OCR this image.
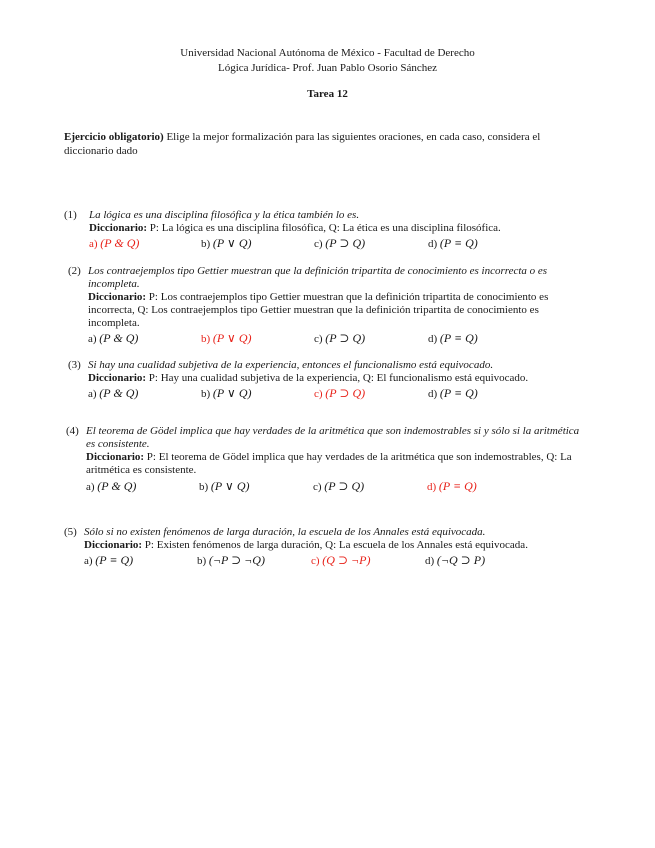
Universidad Nacional Autónoma de México - Facultad de Derecho
Lógica Jurídica- Prof. Juan Pablo Osorio Sánchez
Tarea 12
Ejercicio obligatorio) Elige la mejor formalización para las siguientes oraciones, en cada caso, considera el diccionario dado
(1) La lógica es una disciplina filosófica y la ética también lo es.
Diccionario: P: La lógica es una disciplina filosófica, Q: La ética es una disciplina filosófica.
a) (P & Q)	b) (P ∨ Q)	c) (P ⊃ Q)	d) (P ≡ Q)
(2) Los contraejemplos tipo Gettier muestran que la definición tripartita de conocimiento es incorrecta o es incompleta.
Diccionario: P: Los contraejemplos tipo Gettier muestran que la definición tripartita de conocimiento es incorrecta, Q: Los contraejemplos tipo Gettier muestran que la definición tripartita de conocimiento es incompleta.
a) (P & Q)	b) (P ∨ Q)	c) (P ⊃ Q)	d) (P ≡ Q)
(3) Si hay una cualidad subjetiva de la experiencia, entonces el funcionalismo está equivocado.
Diccionario: P: Hay una cualidad subjetiva de la experiencia, Q: El funcionalismo está equivocado.
a) (P & Q)	b) (P ∨ Q)	c) (P ⊃ Q)	d) (P ≡ Q)
(4) El teorema de Gödel implica que hay verdades de la aritmética que son indemostrables si y sólo si la aritmética es consistente.
Diccionario: P: El teorema de Gödel implica que hay verdades de la aritmética que son indemostrables, Q: La aritmética es consistente.
a) (P & Q)	b) (P ∨ Q)	c) (P ⊃ Q)	d) (P ≡ Q)
(5) Sólo si no existen fenómenos de larga duración, la escuela de los Annales está equivocada.
Diccionario: P: Existen fenómenos de larga duración, Q: La escuela de los Annales está equivocada.
a) (P ≡ Q)	b) (¬P ⊃ ¬Q)	c) (Q ⊃ ¬P)	d) (¬Q ⊃ P)
